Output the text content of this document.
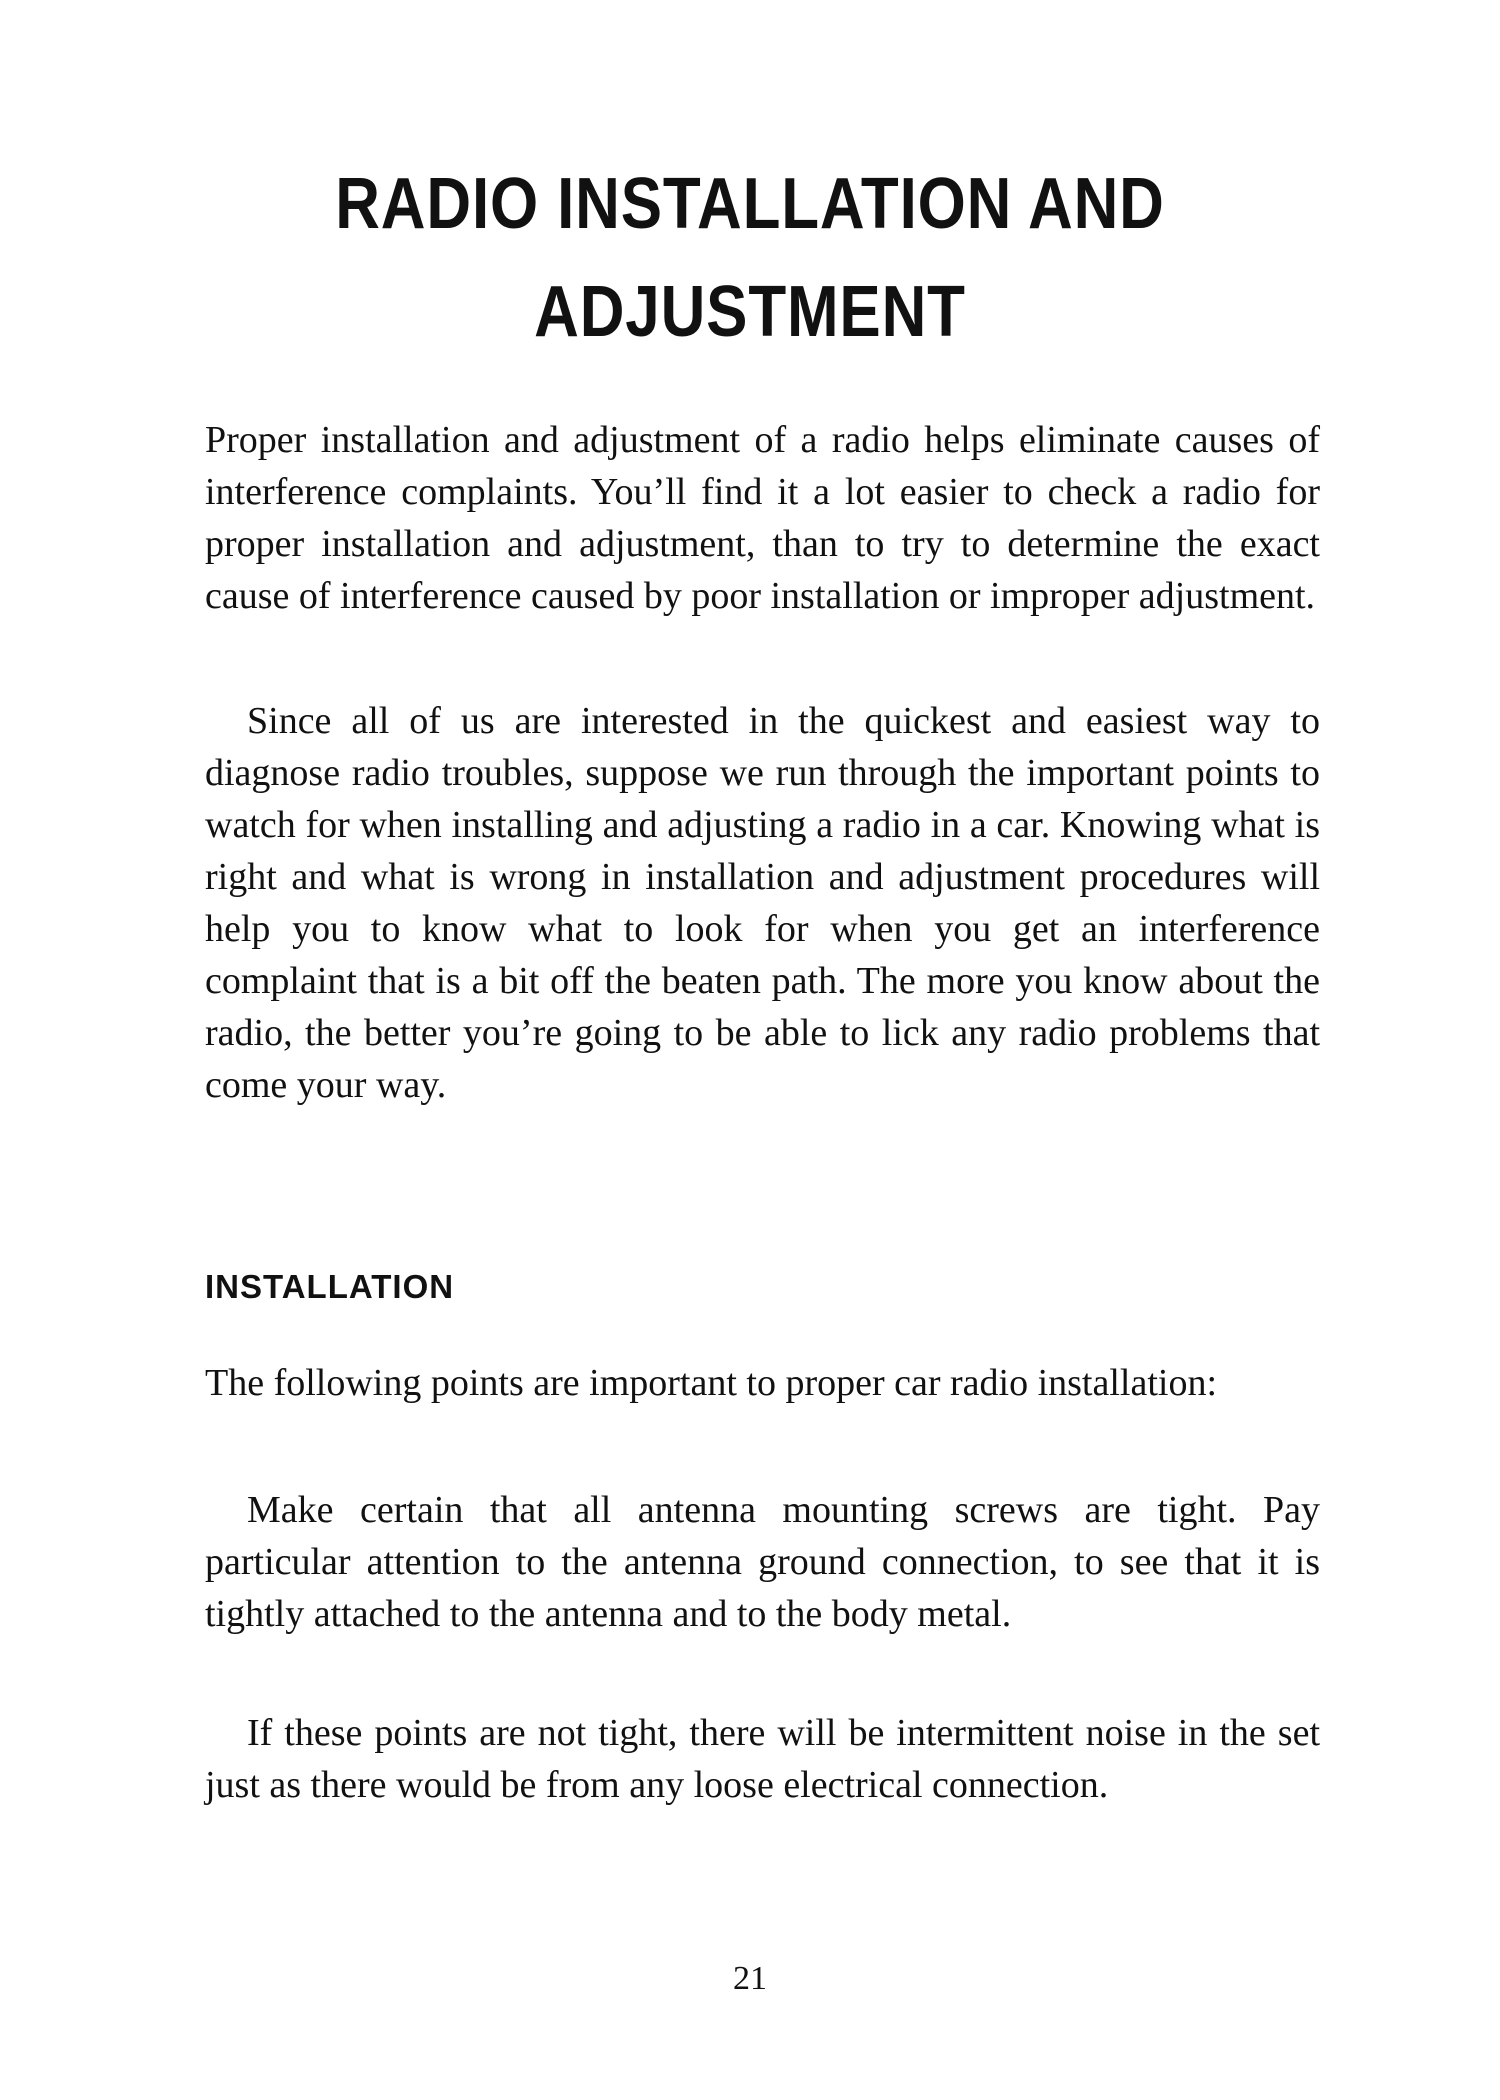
RADIO INSTALLATION AND ADJUSTMENT

Proper installation and adjustment of a radio helps eliminate causes of interference complaints. You’ll find it a lot easier to check a radio for proper installation and adjustment, than to try to determine the exact cause of interference caused by poor installation or improper adjustment.

Since all of us are interested in the quickest and easiest way to diagnose radio troubles, suppose we run through the important points to watch for when installing and adjusting a radio in a car. Knowing what is right and what is wrong in installation and adjustment procedures will help you to know what to look for when you get an interference complaint that is a bit off the beaten path. The more you know about the radio, the better you’re going to be able to lick any radio problems that come your way.

INSTALLATION

The following points are important to proper car radio installation:

Make certain that all antenna mounting screws are tight. Pay particular attention to the antenna ground connection, to see that it is tightly attached to the antenna and to the body metal.

If these points are not tight, there will be intermittent noise in the set just as there would be from any loose electrical connection.

21
